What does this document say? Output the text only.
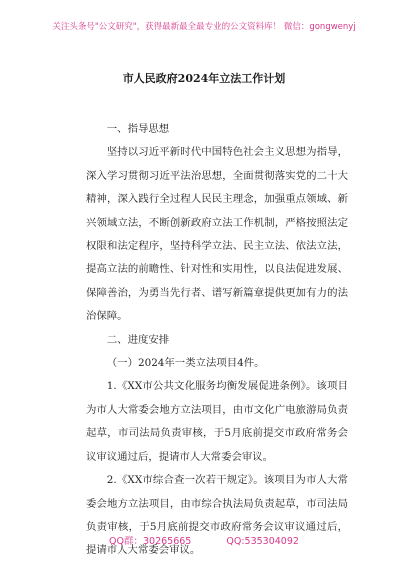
关注头条号"公文研究"，获得最新最全最专业的公文资料库！ 微信：gongwenyj
市人民政府2024年立法工作计划

一、指导思想

坚持以习近平新时代中国特色社会主义思想为指导，深入学习贯彻习近平法治思想，全面贯彻落实党的二十大精神，深入践行全过程人民民主理念，加强重点领域、新兴领域立法，不断创新政府立法工作机制，严格按照法定权限和法定程序，坚持科学立法、民主立法、依法立法，提高立法的前瞻性、针对性和实用性，以良法促进发展、保障善治，为勇当先行者、谱写新篇章提供更加有力的法治保障。

二、进度安排

（一）2024年一类立法项目4件。

1.《XX市公共文化服务均衡发展促进条例》。该项目为市人大常委会地方立法项目，由市文化广电旅游局负责起草，市司法局负责审核，于5月底前提交市政府常务会议审议通过后，提请市人大常委会审议。

2.《XX市综合查一次若干规定》。该项目为市人大常委会地方立法项目，由市综合执法局负责起草，市司法局负责审核，于5月底前提交市政府常务会议审议通过后，提请市人大常委会审议。

QQ群：30265665	QQ:535304092
